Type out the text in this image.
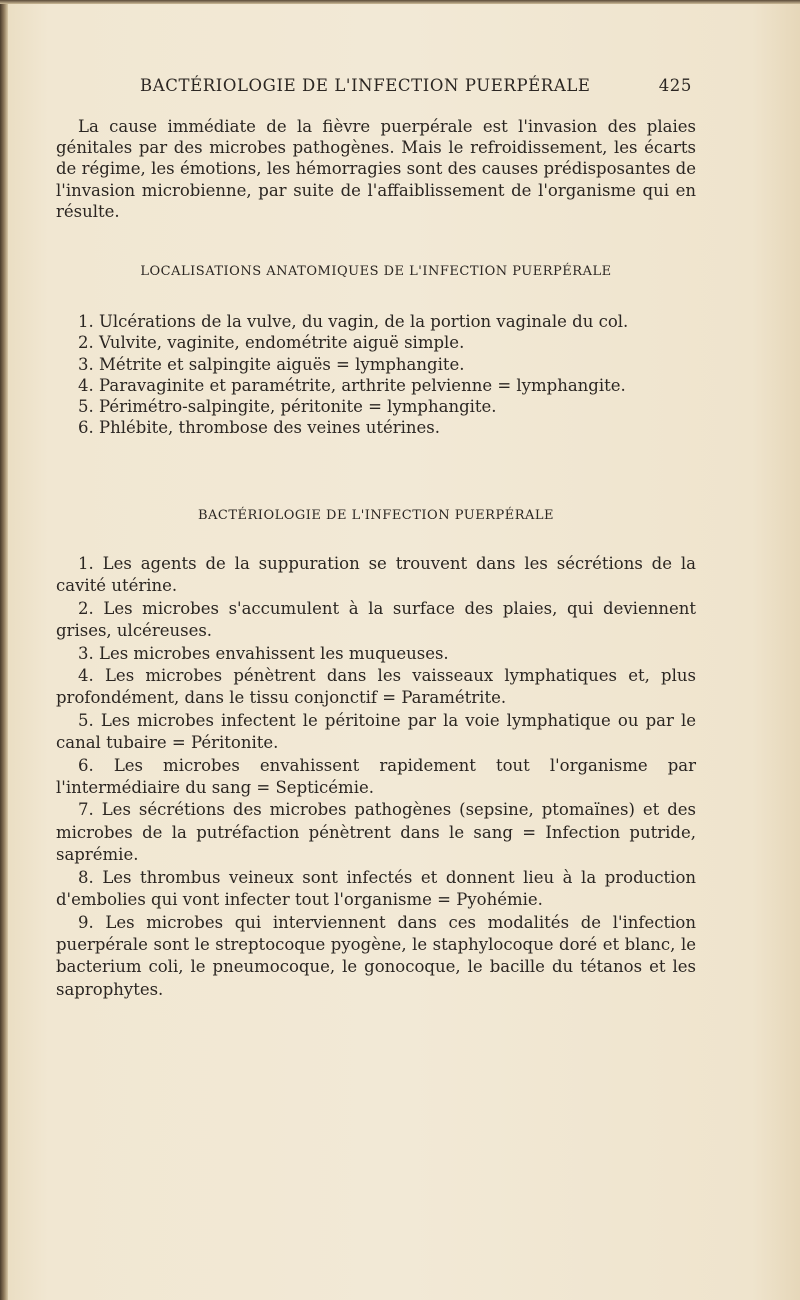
BACTÉRIOLOGIE DE L'INFECTION PUERPÉRALE	425

La cause immédiate de la fièvre puerpérale est l'invasion des plaies génitales par des microbes pathogènes. Mais le refroidissement, les écarts de régime, les émotions, les hémorragies sont des causes prédisposantes de l'invasion microbienne, par suite de l'affaiblissement de l'organisme qui en résulte.

LOCALISATIONS ANATOMIQUES DE L'INFECTION PUERPÉRALE

1. Ulcérations de la vulve, du vagin, de la portion vaginale du col.

2. Vulvite, vaginite, endométrite aiguë simple.

3. Métrite et salpingite aiguës = lymphangite.

4. Paravaginite et paramétrite, arthrite pelvienne = lymphangite.

5. Périmétro-salpingite, péritonite = lymphangite.

6. Phlébite, thrombose des veines utérines.

BACTÉRIOLOGIE DE L'INFECTION PUERPÉRALE

1. Les agents de la suppuration se trouvent dans les sécrétions de la cavité utérine.

2. Les microbes s'accumulent à la surface des plaies, qui deviennent grises, ulcéreuses.

3. Les microbes envahissent les muqueuses.

4. Les microbes pénètrent dans les vaisseaux lymphatiques et, plus profondément, dans le tissu conjonctif = Paramétrite.

5. Les microbes infectent le péritoine par la voie lymphatique ou par le canal tubaire = Péritonite.

6. Les microbes envahissent rapidement tout l'organisme par l'intermédiaire du sang = Septicémie.

7. Les sécrétions des microbes pathogènes (sepsine, ptomaïnes) et des microbes de la putréfaction pénètrent dans le sang = Infection putride, saprémie.

8. Les thrombus veineux sont infectés et donnent lieu à la production d'embolies qui vont infecter tout l'organisme = Pyohémie.

9. Les microbes qui interviennent dans ces modalités de l'infection puerpérale sont le streptocoque pyogène, le staphylocoque doré et blanc, le bacterium coli, le pneumocoque, le gonocoque, le bacille du tétanos et les saprophytes.
